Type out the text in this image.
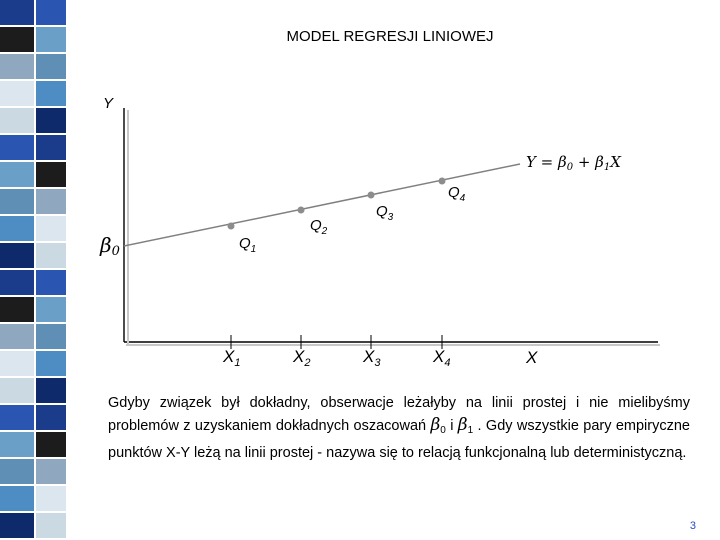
MODEL REGRESJI LINIOWEJ
Y
X
β0
$Y = \beta_0 + \beta_1X$
$Q_1$
$Q_2$
$Q_3$
$Q_4$
$X_1$	$X_2$	$X_3$	$X_4$
Gdyby związek był dokładny, obserwacje leżałyby na linii prostej i nie mielibyśmy problemów z uzyskaniem dokładnych oszacowań $\beta_0$ i $\beta_1$ . Gdy wszystkie pary empiryczne punktów X-Y leżą na linii prostej - nazywa się to relacją funkcjonalną lub deterministyczną.
3
